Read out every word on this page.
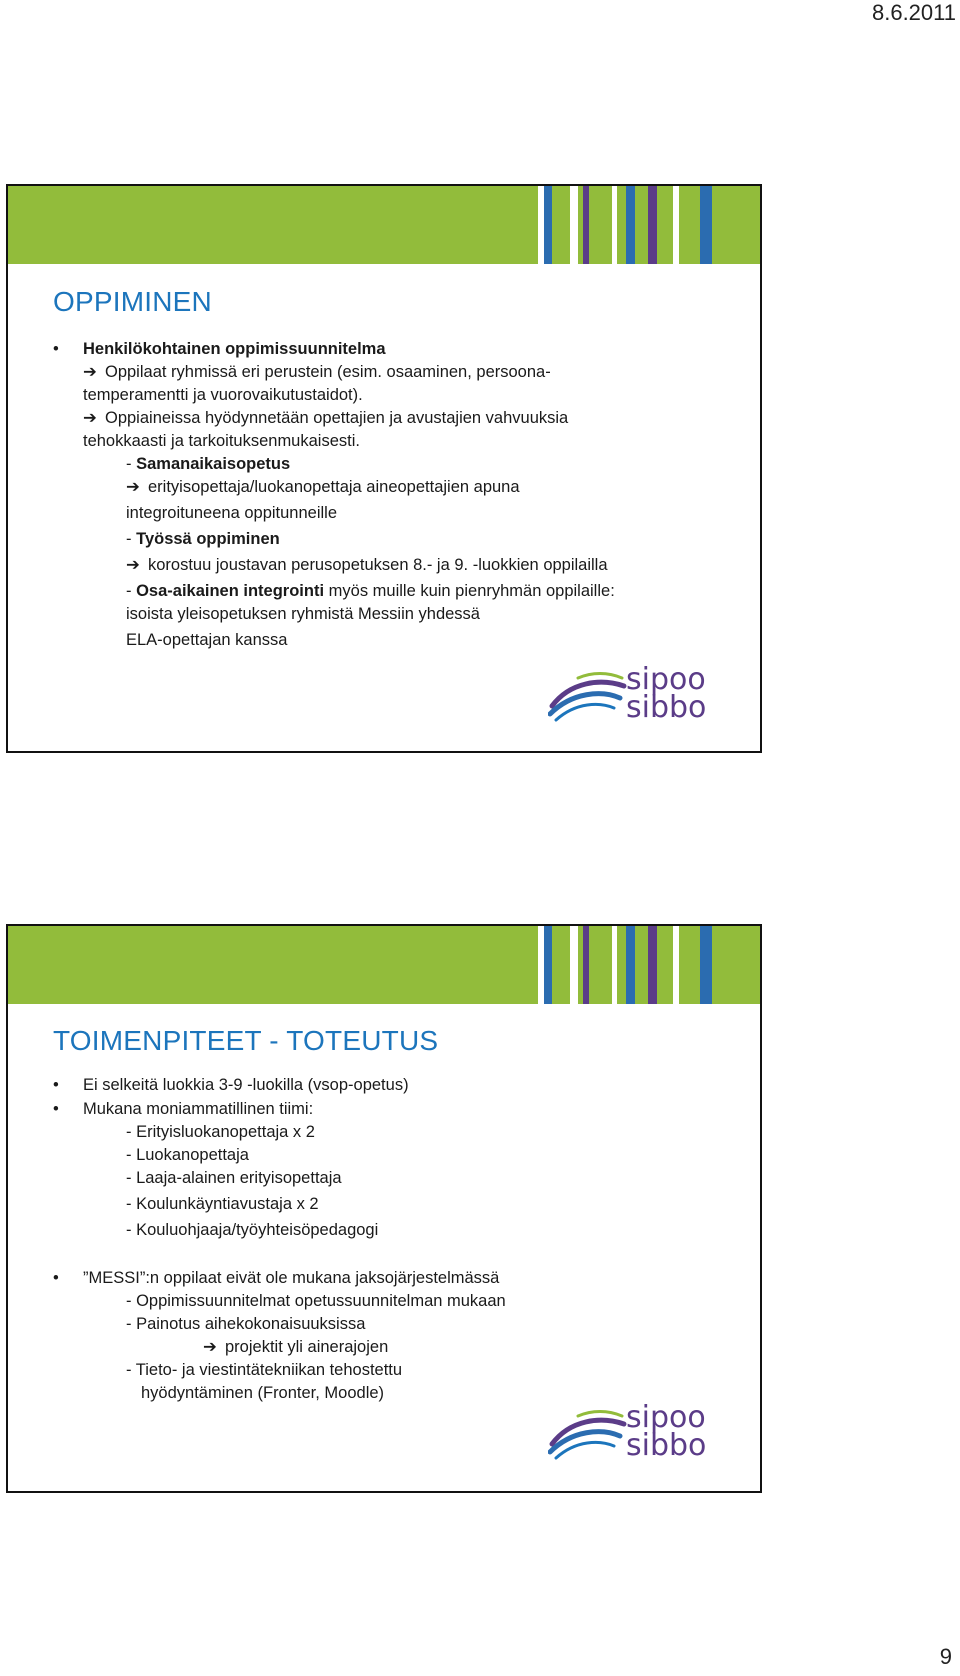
8.6.2011
OPPIMINEN
• Henkilökohtainen oppimissuunnitelma
➔ Oppilaat ryhmissä eri perustein (esim. osaaminen, persoona-
temperamentti ja vuorovaikutustaidot).
➔ Oppiaineissa hyödynnetään opettajien ja avustajien vahvuuksia
tehokkaasti ja tarkoituksenmukaisesti.
- Samanaikaisopetus
➔ erityisopettaja/luokanopettaja aineopettajien apuna
integroituneena oppitunneille
- Työssä oppiminen
➔ korostuu joustavan perusopetuksen 8.- ja 9. -luokkien oppilailla
- Osa-aikainen integrointi myös muille kuin pienryhmän oppilaille:
isoista yleisopetuksen ryhmistä Messiin yhdessä
ELA-opettajan kanssa
sipoo
sibbo
TOIMENPITEET - TOTEUTUS
• Ei selkeitä luokkia 3-9 -luokilla (vsop-opetus)
• Mukana moniammatillinen tiimi:
- Erityisluokanopettaja x 2
- Luokanopettaja
- Laaja-alainen erityisopettaja
- Koulunkäyntiavustaja x 2
- Kouluohjaaja/työyhteisöpedagogi
• ”MESSI”:n oppilaat eivät ole mukana jaksojärjestelmässä
- Oppimissuunnitelmat opetussuunnitelman mukaan
- Painotus aihekokonaisuuksissa
➔ projektit yli ainerajojen
- Tieto- ja viestintätekniikan tehostettu
hyödyntäminen (Fronter, Moodle)
sipoo
sibbo
9
